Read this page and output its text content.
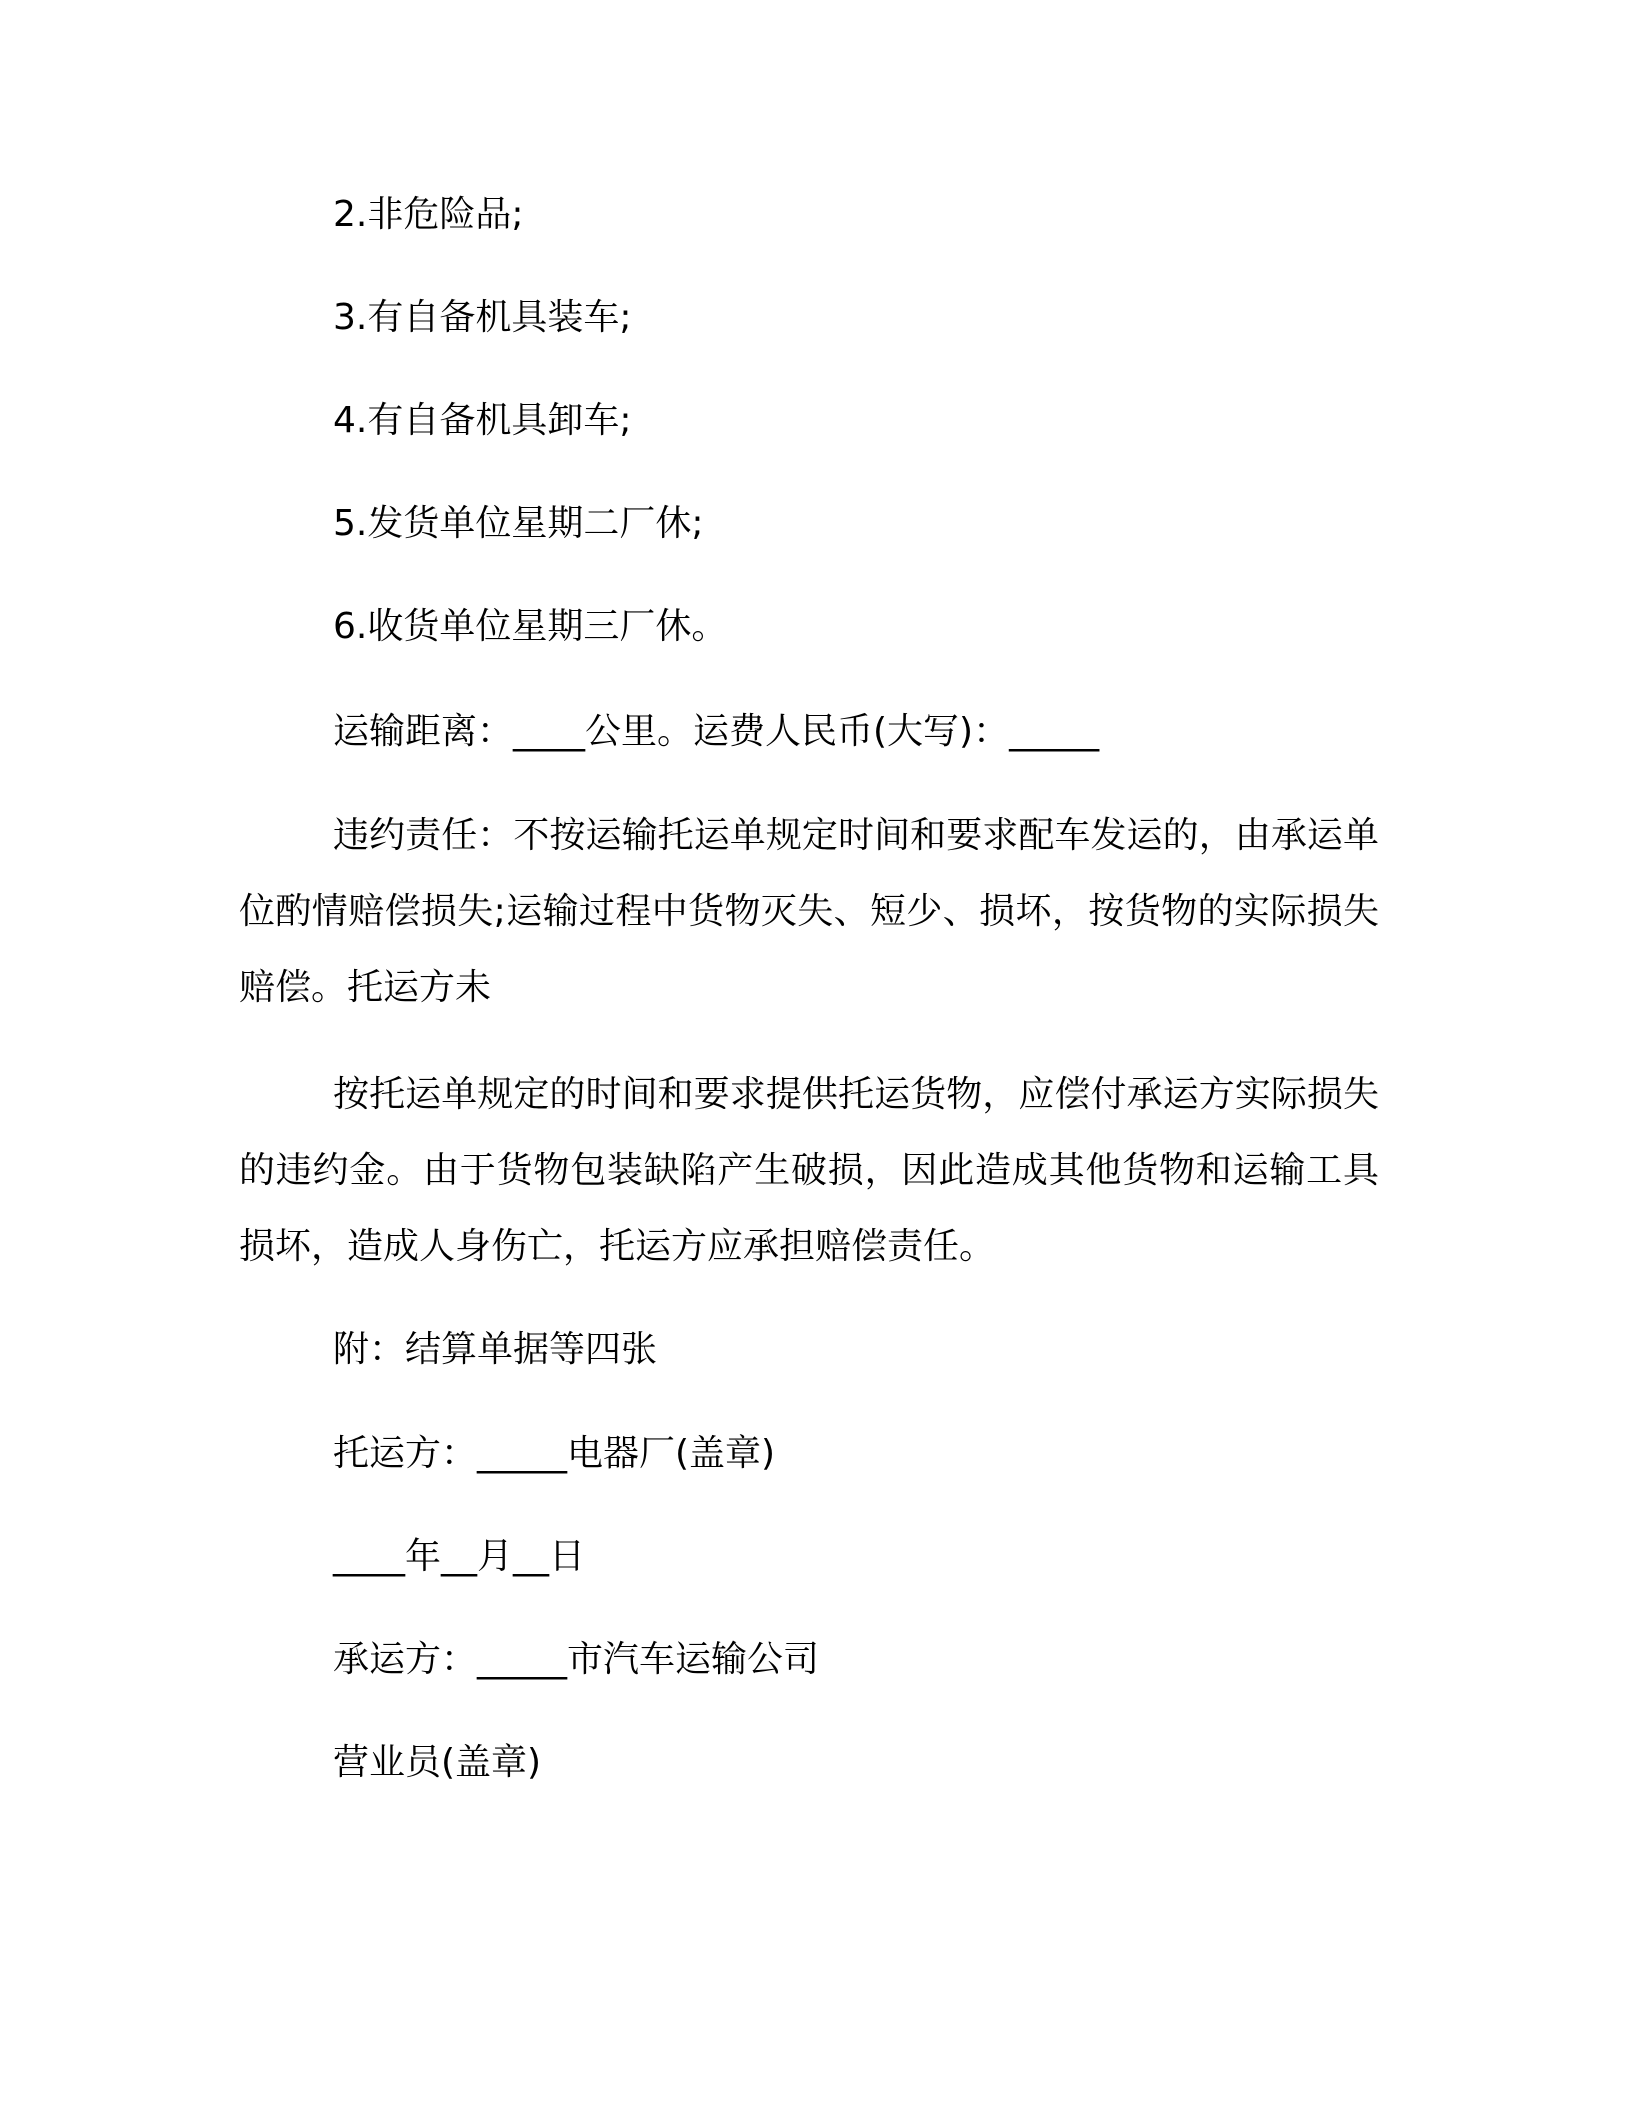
2.非危险品;
3.有自备机具装车;
4.有自备机具卸车;
5.发货单位星期二厂休;
6.收货单位星期三厂休。
运输距离：____公里。运费人民币(大写)：_____
违约责任：不按运输托运单规定时间和要求配车发运的，由承运单位酌情赔偿损失;运输过程中货物灭失、短少、损坏，按货物的实际损失赔偿。托运方未
按托运单规定的时间和要求提供托运货物，应偿付承运方实际损失的违约金。由于货物包装缺陷产生破损，因此造成其他货物和运输工具损坏，造成人身伤亡，托运方应承担赔偿责任。
附：结算单据等四张
托运方：_____电器厂(盖章)
____年__月__日
承运方：_____市汽车运输公司
营业员(盖章)
